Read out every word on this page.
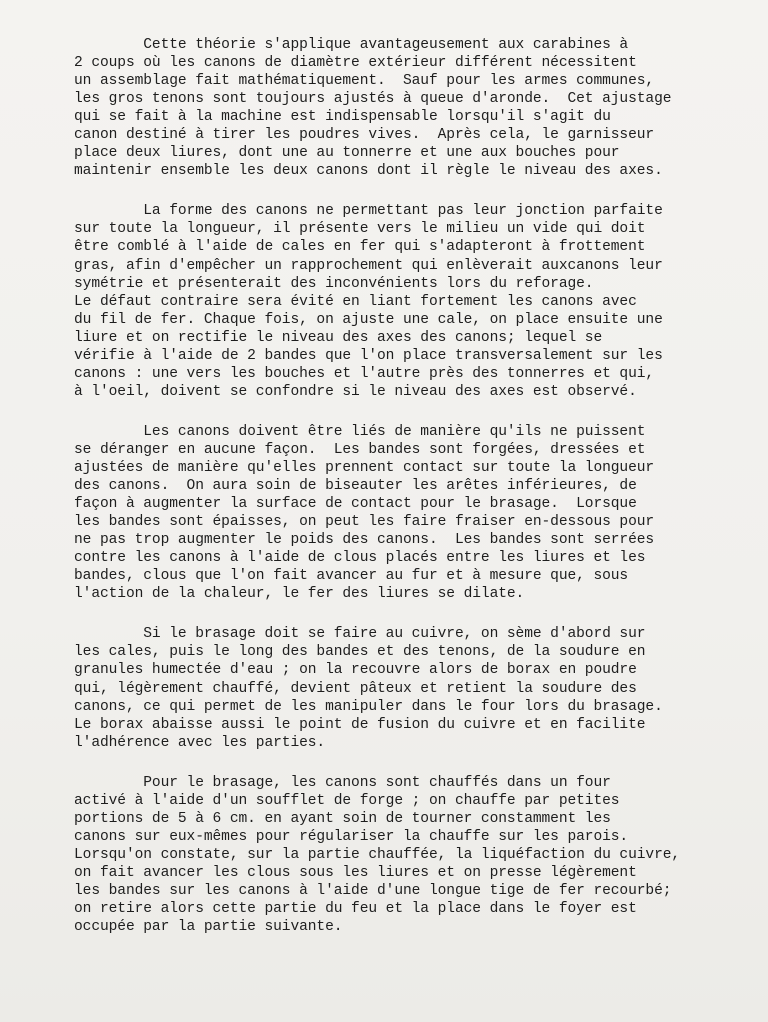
Cette théorie s'applique avantageusement aux carabines à
2 coups où les canons de diamètre extérieur différent nécessitent
un assemblage fait mathématiquement.  Sauf pour les armes communes,
les gros tenons sont toujours ajustés à queue d'aronde.  Cet ajustage
qui se fait à la machine est indispensable lorsqu'il s'agit du
canon destiné à tirer les poudres vives.  Après cela, le garnisseur
place deux liures, dont une au tonnerre et une aux bouches pour
maintenir ensemble les deux canons dont il règle le niveau des axes.
La forme des canons ne permettant pas leur jonction parfaite
sur toute la longueur, il présente vers le milieu un vide qui doit
être comblé à l'aide de cales en fer qui s'adapteront à frottement
gras, afin d'empêcher un rapprochement qui enlèverait auxcanons leur
symétrie et présenterait des inconvénients lors du reforage.
Le défaut contraire sera évité en liant fortement les canons avec
du fil de fer. Chaque fois, on ajuste une cale, on place ensuite une
liure et on rectifie le niveau des axes des canons; lequel se
vérifie à l'aide de 2 bandes que l'on place transversalement sur les
canons : une vers les bouches et l'autre près des tonnerres et qui,
à l'oeil, doivent se confondre si le niveau des axes est observé.
Les canons doivent être liés de manière qu'ils ne puissent
se déranger en aucune façon.  Les bandes sont forgées, dressées et
ajustées de manière qu'elles prennent contact sur toute la longueur
des canons.  On aura soin de biseauter les arêtes inférieures, de
façon à augmenter la surface de contact pour le brasage.  Lorsque
les bandes sont épaisses, on peut les faire fraiser en-dessous pour
ne pas trop augmenter le poids des canons.  Les bandes sont serrées
contre les canons à l'aide de clous placés entre les liures et les
bandes, clous que l'on fait avancer au fur et à mesure que, sous
l'action de la chaleur, le fer des liures se dilate.
Si le brasage doit se faire au cuivre, on sème d'abord sur
les cales, puis le long des bandes et des tenons, de la soudure en
granules humectée d'eau ; on la recouvre alors de borax en poudre
qui, légèrement chauffé, devient pâteux et retient la soudure des
canons, ce qui permet de les manipuler dans le four lors du brasage.
Le borax abaisse aussi le point de fusion du cuivre et en facilite
l'adhérence avec les parties.
Pour le brasage, les canons sont chauffés dans un four
activé à l'aide d'un soufflet de forge ; on chauffe par petites
portions de 5 à 6 cm. en ayant soin de tourner constamment les
canons sur eux-mêmes pour régulariser la chauffe sur les parois.
Lorsqu'on constate, sur la partie chauffée, la liquéfaction du cuivre,
on fait avancer les clous sous les liures et on presse légèrement
les bandes sur les canons à l'aide d'une longue tige de fer recourbé;
on retire alors cette partie du feu et la place dans le foyer est
occupée par la partie suivante.
